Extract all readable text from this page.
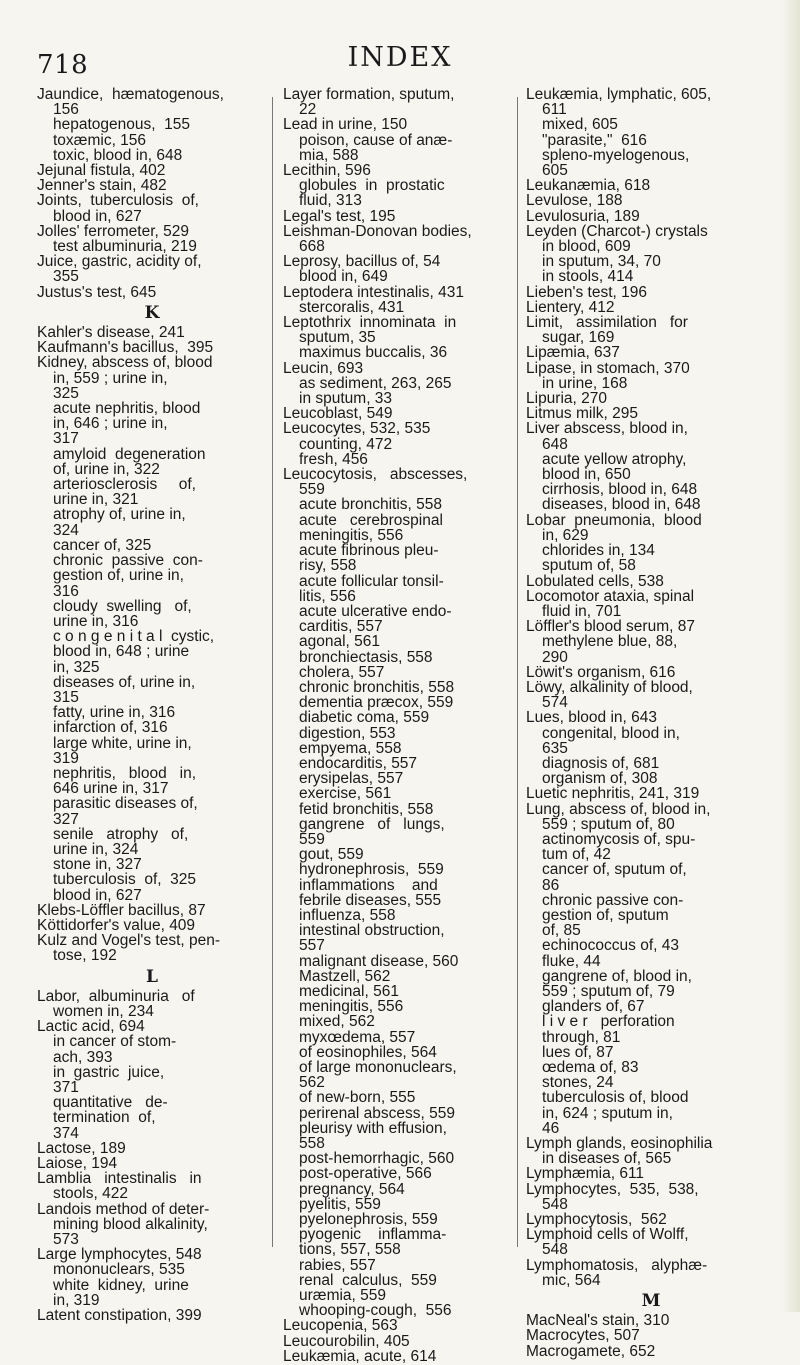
718	INDEX
Jaundice,  hæmatogenous,
156
hepatogenous,  155
toxæmic, 156
toxic, blood in, 648
Jejunal fistula, 402
Jenner's stain, 482
Joints,  tuberculosis  of,
blood in, 627
Jolles' ferrometer, 529
test albuminuria, 219
Juice, gastric, acidity of,
355
Justus's test, 645
K
Kahler's disease, 241
Kaufmann's bacillus,  395
Kidney, abscess of, blood
in, 559 ; urine in,
325
acute nephritis, blood
in, 646 ; urine in,
317
amyloid  degeneration
of, urine in, 322
arteriosclerosis     of,
urine in, 321
atrophy of, urine in,
324
cancer of, 325
chronic  passive  con-
gestion of, urine in,
316
cloudy  swelling   of,
urine in, 316
c o n g e n i t a l  cystic,
blood in, 648 ; urine
in, 325
diseases of, urine in,
315
fatty, urine in, 316
infarction of, 316
large white, urine in,
319
nephritis,   blood   in,
646 urine in, 317
parasitic diseases of,
327
senile   atrophy   of,
urine in, 324
stone in, 327
tuberculosis  of,  325
blood in, 627
Klebs-Löffler bacillus, 87
Köttidorfer's value, 409
Kulz and Vogel's test, pen-
tose, 192
L
Labor,  albuminuria   of
women in, 234
Lactic acid, 694
in cancer of stom-
ach, 393
in  gastric  juice,
371
quantitative   de-
termination  of,
374
Lactose, 189
Laiose, 194
Lamblia   intestinalis   in
stools, 422
Landois method of deter-
mining blood alkalinity,
573
Large lymphocytes, 548
mononuclears, 535
white  kidney,  urine
in, 319
Latent constipation, 399
Layer formation, sputum,
22
Lead in urine, 150
poison, cause of anæ-
mia, 588
Lecithin, 596
globules  in  prostatic
fluid, 313
Legal's test, 195
Leishman-Donovan bodies,
668
Leprosy, bacillus of, 54
blood in, 649
Leptodera intestinalis, 431
stercoralis, 431
Leptothrix  innominata  in
sputum, 35
maximus buccalis, 36
Leucin, 693
as sediment, 263, 265
in sputum, 33
Leucoblast, 549
Leucocytes, 532, 535
counting, 472
fresh, 456
Leucocytosis,   abscesses,
559
acute bronchitis, 558
acute   cerebrospinal
meningitis, 556
acute fibrinous pleu-
risy, 558
acute follicular tonsil-
litis, 556
acute ulcerative endo-
carditis, 557
agonal, 561
bronchiectasis, 558
cholera, 557
chronic bronchitis, 558
dementia præcox, 559
diabetic coma, 559
digestion, 553
empyema, 558
endocarditis, 557
erysipelas, 557
exercise, 561
fetid bronchitis, 558
gangrene   of   lungs,
559
gout, 559
hydronephrosis,  559
inflammations    and
febrile diseases, 555
influenza, 558
intestinal obstruction,
557
malignant disease, 560
Mastzell, 562
medicinal, 561
meningitis, 556
mixed, 562
myxœdema, 557
of eosinophiles, 564
of large mononuclears,
562
of new-born, 555
perirenal abscess, 559
pleurisy with effusion,
558
post-hemorrhagic, 560
post-operative, 566
pregnancy, 564
pyelitis, 559
pyelonephrosis, 559
pyogenic    inflamma-
tions, 557, 558
rabies, 557
renal  calculus,  559
uræmia, 559
whooping-cough,  556
Leucopenia, 563
Leucourobilin, 405
Leukæmia, acute, 614
Leukæmia, lymphatic, 605,
611
mixed, 605
"parasite,"  616
spleno-myelogenous,
605
Leukanæmia, 618
Levulose, 188
Levulosuria, 189
Leyden (Charcot-) crystals
in blood, 609
in sputum, 34, 70
in stools, 414
Lieben's test, 196
Lientery, 412
Limit,   assimilation   for
sugar, 169
Lipæmia, 637
Lipase, in stomach, 370
in urine, 168
Lipuria, 270
Litmus milk, 295
Liver abscess, blood in,
648
acute yellow atrophy,
blood in, 650
cirrhosis, blood in, 648
diseases, blood in, 648
Lobar  pneumonia,  blood
in, 629
chlorides in, 134
sputum of, 58
Lobulated cells, 538
Locomotor ataxia, spinal
fluid in, 701
Löffler's blood serum, 87
methylene blue, 88,
290
Löwit's organism, 616
Löwy, alkalinity of blood,
574
Lues, blood in, 643
congenital, blood in,
635
diagnosis of, 681
organism of, 308
Luetic nephritis, 241, 319
Lung, abscess of, blood in,
559 ; sputum of, 80
actinomycosis of, spu-
tum of, 42
cancer of, sputum of,
86
chronic passive con-
gestion of, sputum
of, 85
echinococcus of, 43
fluke, 44
gangrene of, blood in,
559 ; sputum of, 79
glanders of, 67
l i v e r   perforation
through, 81
lues of, 87
œdema of, 83
stones, 24
tuberculosis of, blood
in, 624 ; sputum in,
46
Lymph glands, eosinophilia
in diseases of, 565
Lymphæmia, 611
Lymphocytes,  535,  538,
548
Lymphocytosis,  562
Lymphoid cells of Wolff,
548
Lymphomatosis,   alyphæ-
mic, 564
M
MacNeal's stain, 310
Macrocytes, 507
Macrogamete, 652
